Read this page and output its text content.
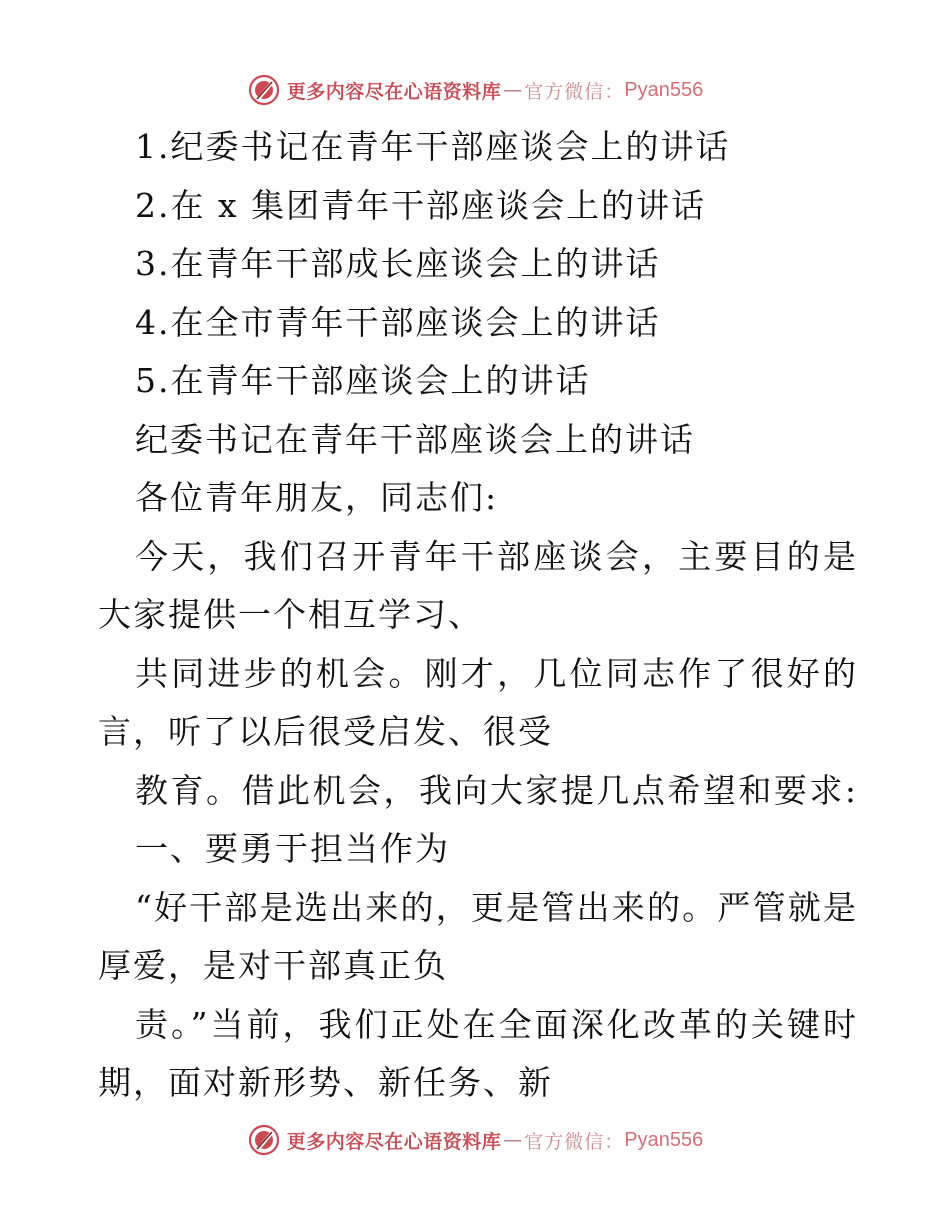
更多内容尽在心语资料库 — 官方微信： Pyan556
1.纪委书记在青年干部座谈会上的讲话
2.在 x 集团青年干部座谈会上的讲话
3.在青年干部成长座谈会上的讲话
4.在全市青年干部座谈会上的讲话
5.在青年干部座谈会上的讲话
纪委书记在青年干部座谈会上的讲话
各位青年朋友，同志们:
今天，我们召开青年干部座谈会，主要目的是
大家提供一个相互学习、
共同进步的机会。刚才，几位同志作了很好的
言，听了以后很受启发、很受
教育。借此机会，我向大家提几点希望和要求:
一、要勇于担当作为
“好干部是选出来的，更是管出来的。严管就是
厚爱，是对干部真正负
责。”当前，我们正处在全面深化改革的关键时
期，面对新形势、新任务、新
更多内容尽在心语资料库 — 官方微信： Pyan556
